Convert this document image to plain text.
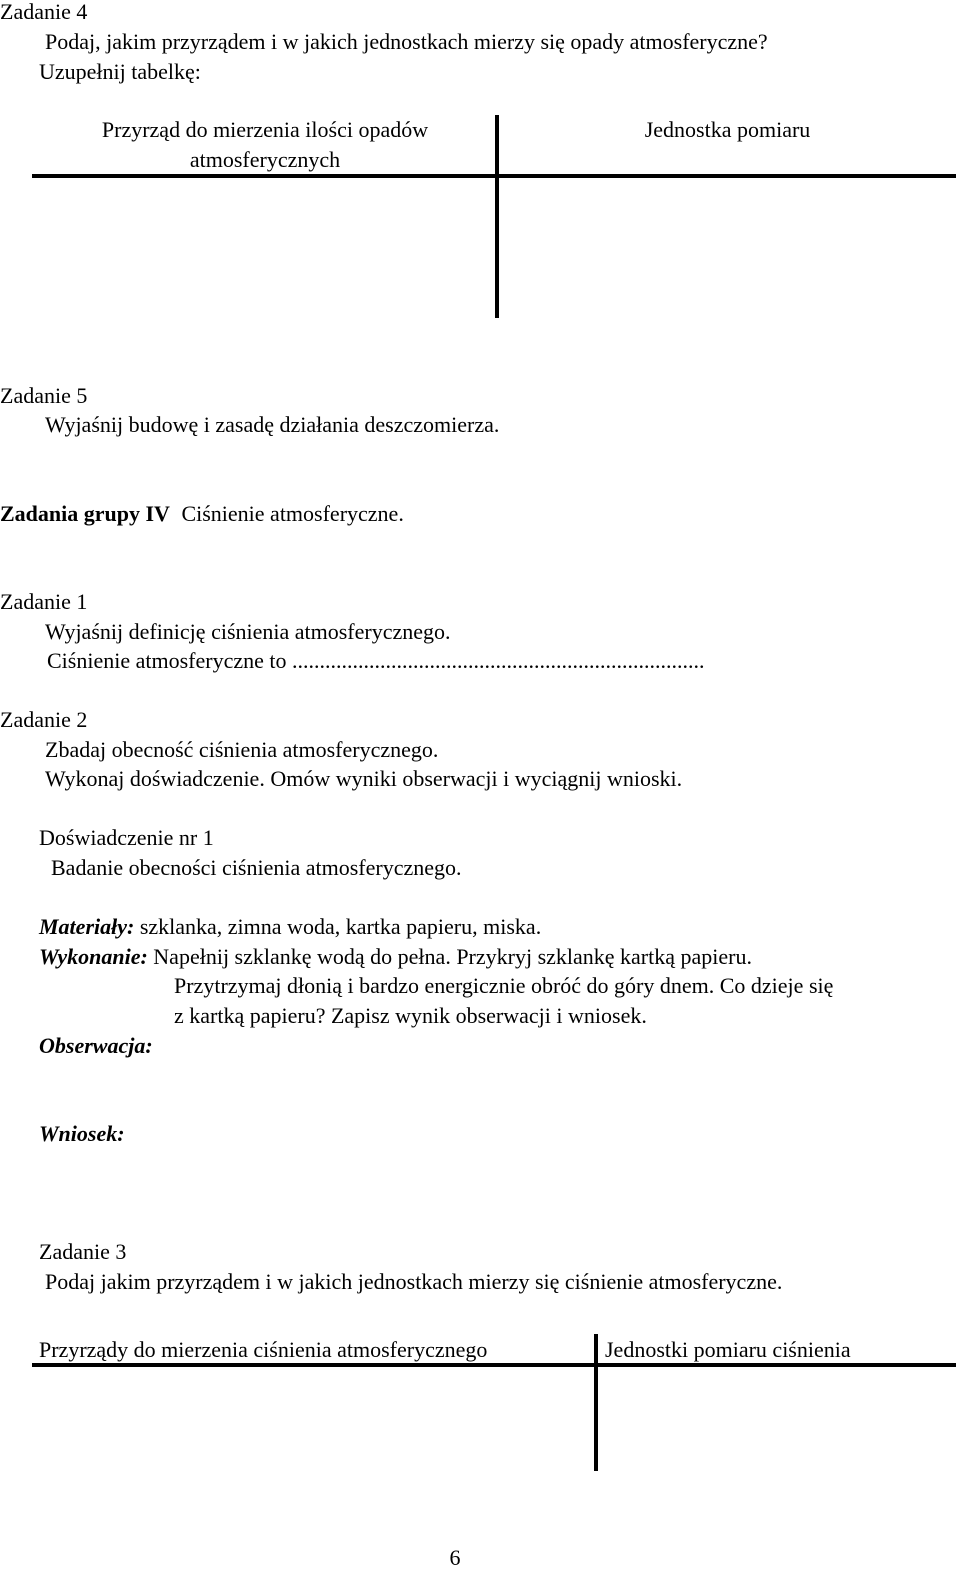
Zadanie 4
Podaj, jakim przyrządem i w jakich jednostkach mierzy się opady atmosferyczne?
Uzupełnij tabelkę:
Przyrząd do mierzenia ilości opadów
atmosferycznych
Jednostka pomiaru
Zadanie 5
Wyjaśnij budowę i zasadę działania deszczomierza.
Zadania grupy IV Ciśnienie atmosferyczne.
Zadanie 1
Wyjaśnij definicję ciśnienia atmosferycznego.
Ciśnienie atmosferyczne to ...........................................................................
Zadanie 2
Zbadaj obecność ciśnienia atmosferycznego.
Wykonaj doświadczenie. Omów wyniki obserwacji i wyciągnij wnioski.
Doświadczenie nr 1
Badanie obecności ciśnienia atmosferycznego.
Materiały: szklanka, zimna woda, kartka papieru, miska.
Wykonanie: Napełnij szklankę wodą do pełna. Przykryj szklankę kartką papieru.
Przytrzymaj dłonią i bardzo energicznie obróć do góry dnem. Co dzieje się
z kartką papieru? Zapisz wynik obserwacji i wniosek.
Obserwacja:
Wniosek:
Zadanie 3
Podaj jakim przyrządem i w jakich jednostkach mierzy się ciśnienie atmosferyczne.
Przyrządy do mierzenia ciśnienia atmosferycznego	Jednostki pomiaru ciśnienia
6
